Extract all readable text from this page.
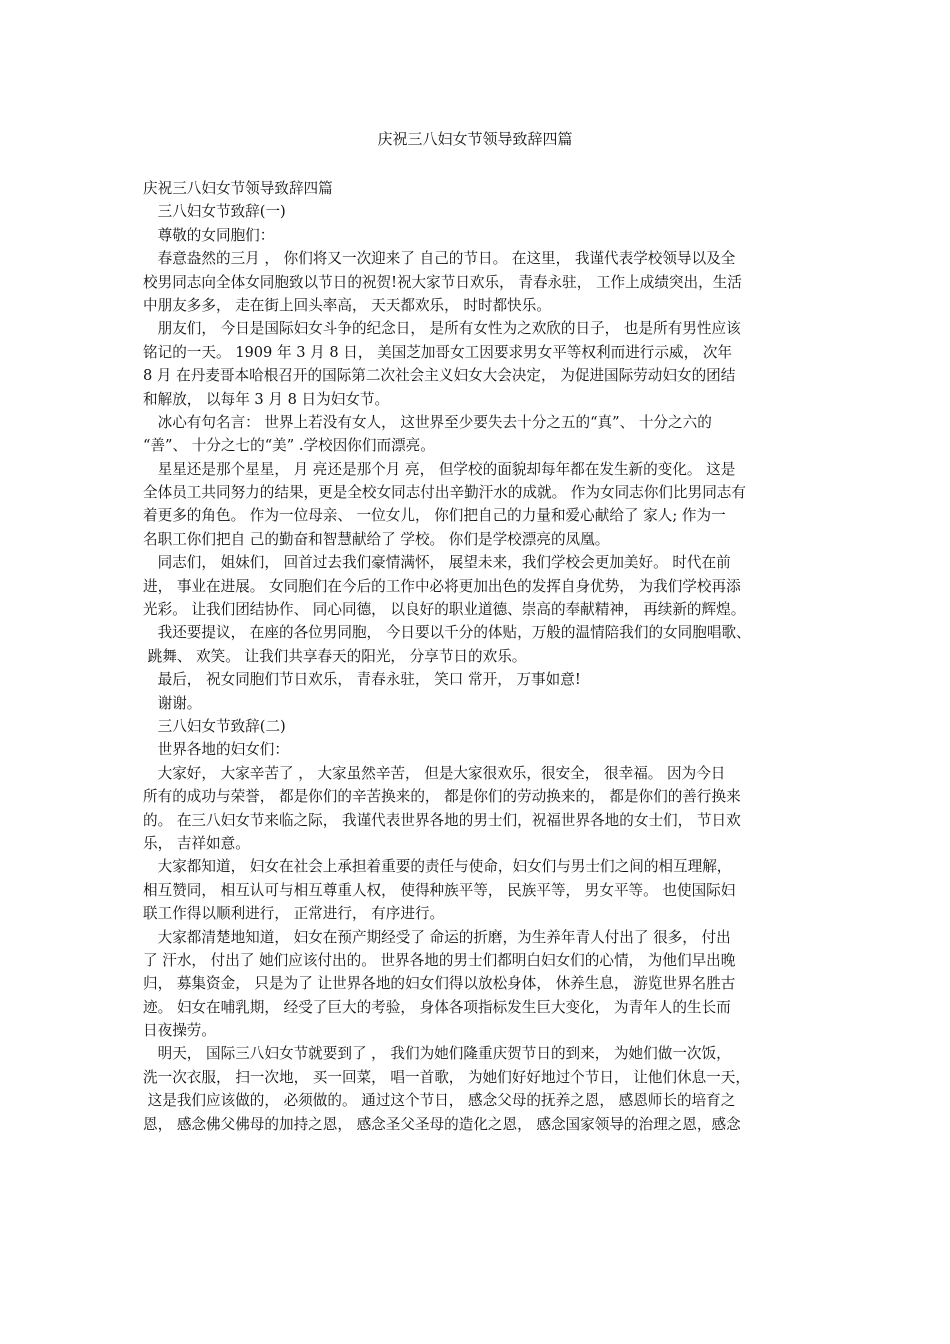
庆祝三八妇女节领导致辞四篇

庆祝三八妇女节领导致辞四篇

　三八妇女节致辞(一)

　尊敬的女同胞们：

　春意盎然的三月 ， 你们将又一次迎来了 自己的节日。 在这里， 我谨代表学校领导以及全

校男同志向全体女同胞致以节日的祝贺!祝大家节日欢乐， 青春永驻， 工作上成绩突出，生活

中朋友多多， 走在街上回头率高， 天天都欢乐， 时时都快乐。

　朋友们， 今日是国际妇女斗争的纪念日， 是所有女性为之欢欣的日子， 也是所有男性应该

铭记的一天。 1909 年 3 月 8 日， 美国芝加哥女工因要求男女平等权利而进行示威， 次年

8 月 在丹麦哥本哈根召开的国际第二次社会主义妇女大会决定， 为促进国际劳动妇女的团结

和解放， 以每年 3 月 8 日为妇女节。

　冰心有句名言： 世界上若没有女人， 这世界至少要失去十分之五的“真”、 十分之六的

“善”、 十分之七的“美” .学校因你们而漂亮。

　星星还是那个星星， 月 亮还是那个月 亮， 但学校的面貌却每年都在发生新的变化。 这是

全体员工共同努力的结果，更是全校女同志付出辛勤汗水的成就。 作为女同志你们比男同志有

着更多的角色。 作为一位母亲、 一位女儿， 你们把自己的力量和爱心献给了 家人; 作为一

名职工你们把自 己的勤奋和智慧献给了 学校。 你们是学校漂亮的凤凰。

　同志们， 姐妹们， 回首过去我们豪情满怀， 展望未来，我们学校会更加美好。 时代在前

进， 事业在进展。 女同胞们在今后的工作中必将更加出色的发挥自身优势， 为我们学校再添

光彩。 让我们团结协作、 同心同德， 以良好的职业道德、崇高的奉献精神， 再续新的辉煌。

　我还要提议， 在座的各位男同胞， 今日要以千分的体贴，万般的温情陪我们的女同胞唱歌、

跳舞、 欢笑。 让我们共享春天的阳光， 分享节日的欢乐。

　最后， 祝女同胞们节日欢乐， 青春永驻， 笑口 常开， 万事如意!

　谢谢。

　三八妇女节致辞(二)

　世界各地的妇女们：

　大家好， 大家辛苦了 ， 大家虽然辛苦， 但是大家很欢乐，很安全， 很幸福。 因为今日

所有的成功与荣誉， 都是你们的辛苦换来的， 都是你们的劳动换来的， 都是你们的善行换来

的。 在三八妇女节来临之际， 我谨代表世界各地的男士们，祝福世界各地的女士们， 节日欢

乐， 吉祥如意。

　大家都知道， 妇女在社会上承担着重要的责任与使命，妇女们与男士们之间的相互理解，

相互赞同， 相互认可与相互尊重人权， 使得种族平等， 民族平等， 男女平等。 也使国际妇

联工作得以顺利进行， 正常进行， 有序进行。

　大家都清楚地知道， 妇女在预产期经受了 命运的折磨，为生养年青人付出了 很多， 付出

了 汗水， 付出了 她们应该付出的。 世界各地的男士们都明白妇女们的心情， 为他们早出晚

归， 募集资金， 只是为了 让世界各地的妇女们得以放松身体， 休养生息， 游览世界名胜古

迹。 妇女在哺乳期， 经受了巨大的考验， 身体各项指标发生巨大变化， 为青年人的生长而

日夜操劳。

　明天， 国际三八妇女节就要到了 ， 我们为她们隆重庆贺节日的到来， 为她们做一次饭，

洗一次衣服， 扫一次地， 买一回菜， 唱一首歌， 为她们好好地过个节日， 让他们休息一天，

这是我们应该做的， 必须做的。 通过这个节日， 感念父母的抚养之恩， 感恩师长的培育之

恩， 感念佛父佛母的加持之恩， 感念圣父圣母的造化之恩， 感念国家领导的治理之恩，感念
